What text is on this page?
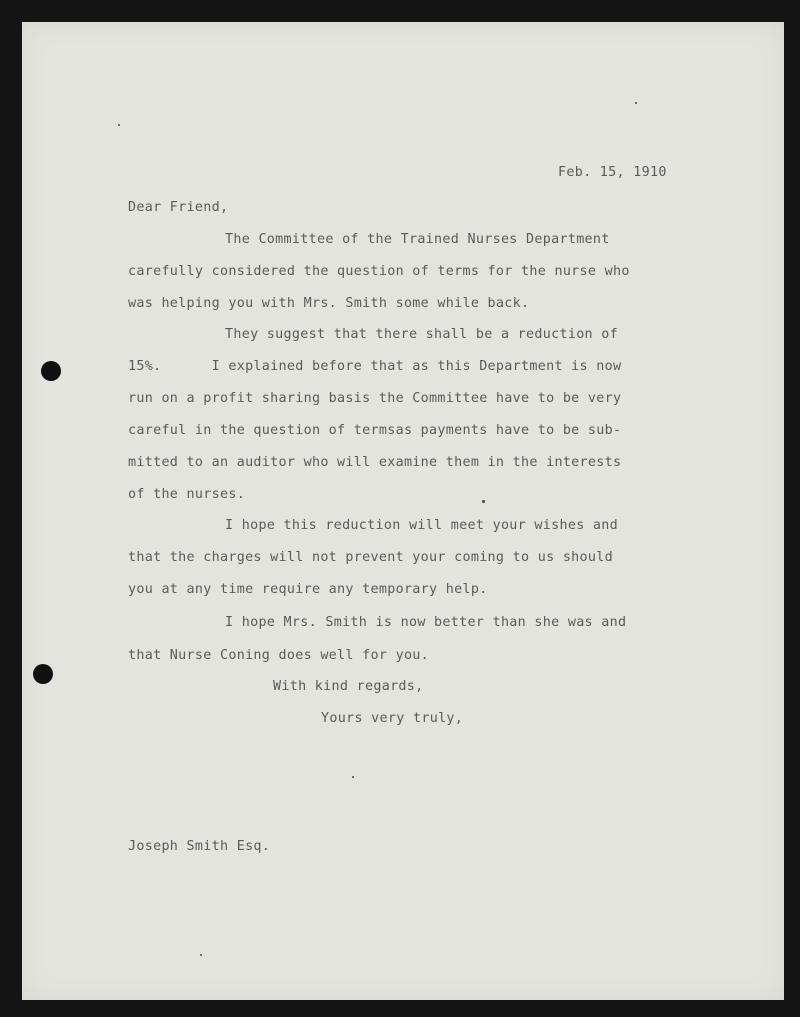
Feb. 15, 1910
Dear Friend,
The Committee of the Trained Nurses Department
carefully considered the question of terms for the nurse who
was helping you with Mrs. Smith some while back.
They suggest that there shall be a reduction of
15%.      I explained before that as this Department is now
run on a profit sharing basis the Committee have to be very
careful in the question of termsas payments have to be sub-
mitted to an auditor who will examine them in the interests
of the nurses.
I hope this reduction will meet your wishes and
that the charges will not prevent your coming to us should
you at any time require any temporary help.
I hope Mrs. Smith is now better than she was and
that Nurse Coning does well for you.
With kind regards,
Yours very truly,
Joseph Smith Esq.
